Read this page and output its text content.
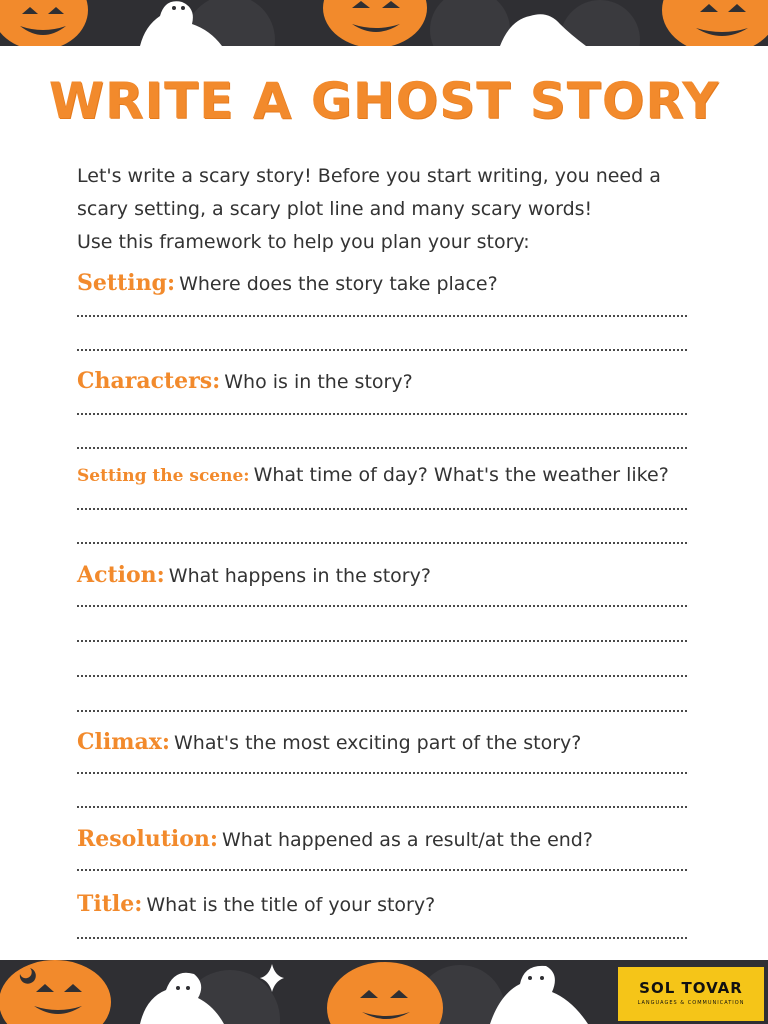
WRITE A GHOST STORY
Let's write a scary story! Before you start writing, you need a
scary setting, a scary plot line and many scary words!
Use this framework to help you plan your story:
Setting: Where does the story take place?
Characters: Who is in the story?
Setting the scene: What time of day? What's the weather like?
Action: What happens in the story?
Climax: What's the most exciting part of the story?
Resolution: What happened as a result/at the end?
Title: What is the title of your story?
SOL TOVAR
LANGUAGES & COMMUNICATION
